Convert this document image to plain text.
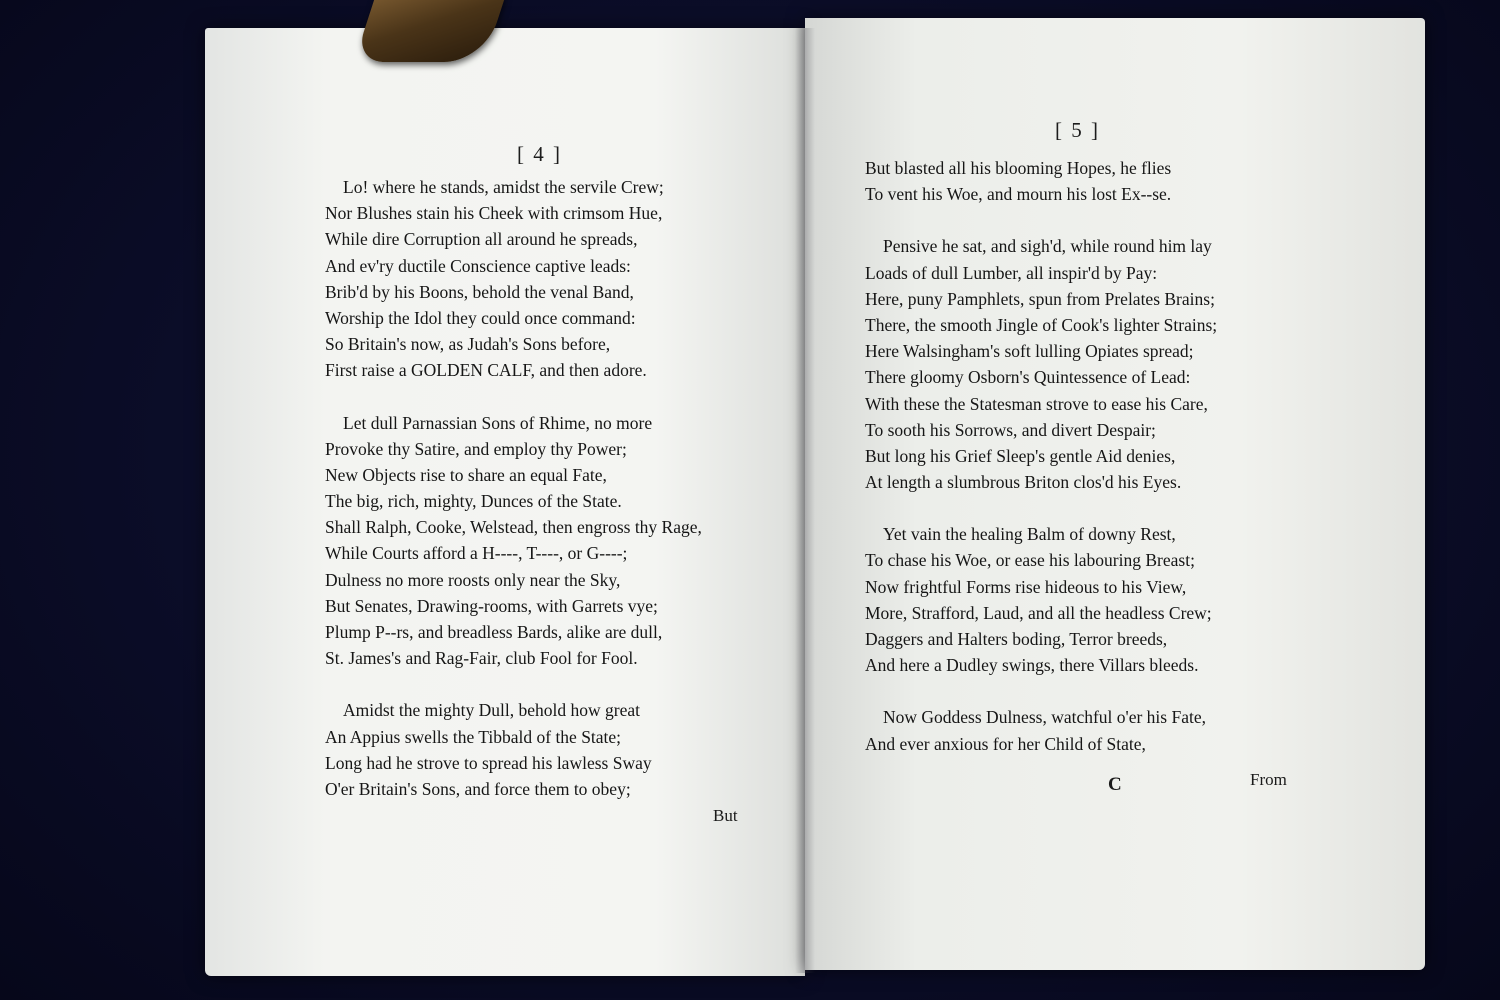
[ 4 ]
Lo! where he stands, amidst the servile Crew;
Nor Blushes stain his Cheek with crimsom Hue,
While dire Corruption all around he spreads,
And ev'ry ductile Conscience captive leads:
Brib'd by his Boons, behold the venal Band,
Worship the Idol they could once command:
So Britain's now, as Judah's Sons before,
First raise a GOLDEN CALF, and then adore.
Let dull Parnassian Sons of Rhime, no more
Provoke thy Satire, and employ thy Power;
New Objects rise to share an equal Fate,
The big, rich, mighty, Dunces of the State.
Shall Ralph, Cooke, Welstead, then engross thy Rage,
While Courts afford a H----, T----, or G----;
Dulness no more roosts only near the Sky,
But Senates, Drawing-rooms, with Garrets vye;
Plump P--rs, and breadless Bards, alike are dull,
St. James's and Rag-Fair, club Fool for Fool.
Amidst the mighty Dull, behold how great
An Appius swells the Tibbald of the State;
Long had he strove to spread his lawless Sway
O'er Britain's Sons, and force them to obey;
But
[ 5 ]
But blasted all his blooming Hopes, he flies
To vent his Woe, and mourn his lost Ex--se.
Pensive he sat, and sigh'd, while round him lay
Loads of dull Lumber, all inspir'd by Pay:
Here, puny Pamphlets, spun from Prelates Brains;
There, the smooth Jingle of Cook's lighter Strains;
Here Walsingham's soft lulling Opiates spread;
There gloomy Osborn's Quintessence of Lead:
With these the Statesman strove to ease his Care,
To sooth his Sorrows, and divert Despair;
But long his Grief Sleep's gentle Aid denies,
At length a slumbrous Briton clos'd his Eyes.
Yet vain the healing Balm of downy Rest,
To chase his Woe, or ease his labouring Breast;
Now frightful Forms rise hideous to his View,
More, Strafford, Laud, and all the headless Crew;
Daggers and Halters boding, Terror breeds,
And here a Dudley swings, there Villars bleeds.
Now Goddess Dulness, watchful o'er his Fate,
And ever anxious for her Child of State,
C	From
